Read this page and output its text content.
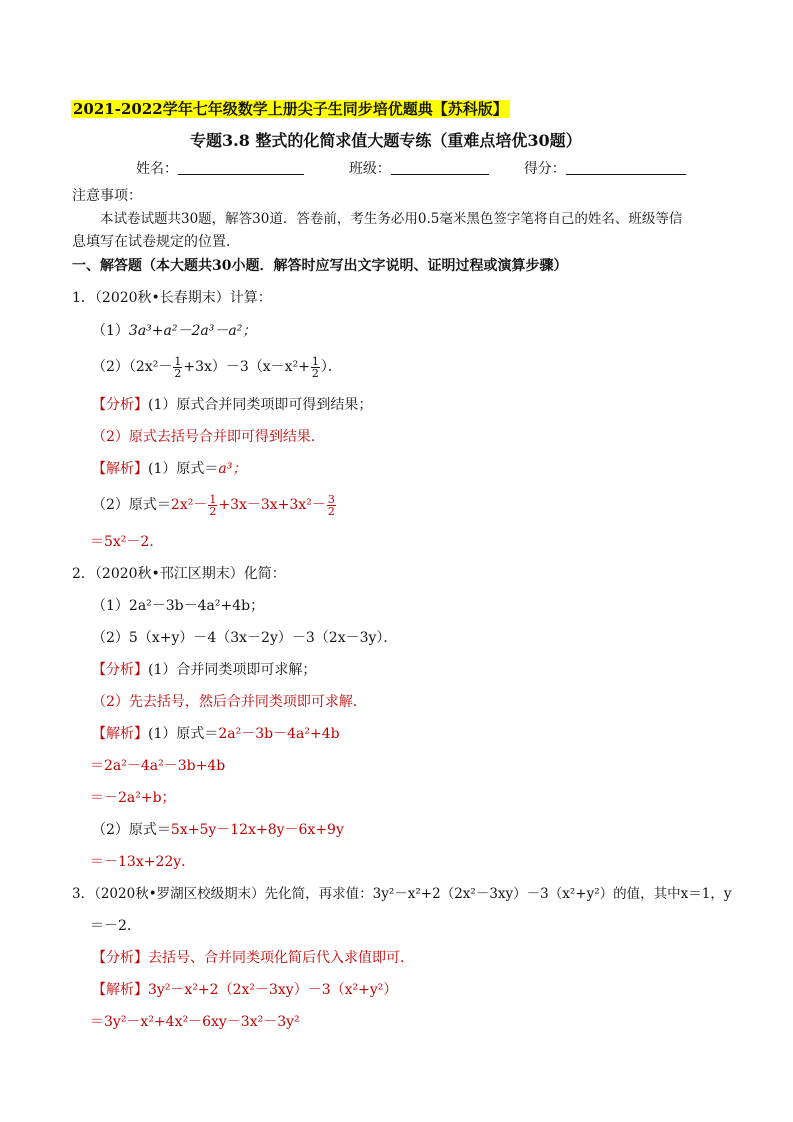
2021-2022学年七年级数学上册尖子生同步培优题典【苏科版】
专题3.8 整式的化简求值大题专练（重难点培优30题）
姓名：	班级：	得分：
注意事项：
本试卷试题共30题，解答30道．答卷前，考生务必用0.5毫米黑色签字笔将自己的姓名、班级等信
息填写在试卷规定的位置．
一、解答题（本大题共30小题．解答时应写出文字说明、证明过程或演算步骤）
1．（2020秋•长春期末）计算：
（1）3a³+a²－2a³－a²；
$(2)(2x^2- \frac{1}{2} +3x)-3(x-x^2+ \frac{1}{2}$ ）．
【分析】(1）原式合并同类项即可得到结果；
（2）原式去括号合并即可得到结果．
【解析】(1）原式＝a³；
（2）原式$=2x^2- \frac{1}{2} +3x-3x+3x^2- \frac{3}{2}$
＝5x²－2．
2．（2020秋•邗江区期末）化简：
（1）2a²－3b－4a²+4b；
（2）5（x+y）－4（3x－2y）－3（2x－3y）．
【分析】(1）合并同类项即可求解；
（2）先去括号，然后合并同类项即可求解．
【解析】(1）原式＝2a²－3b－4a²+4b
＝2a²－4a²－3b+4b
＝－2a²+b；
（2）原式＝5x+5y－12x+8y－6x+9y
＝－13x+22y．
3．（2020秋•罗湖区校级期末）先化简，再求值：3y²－x²+2（2x²－3xy）－3（x²+y²）的值，其中x＝1，y
＝－2．
【分析】去括号、合并同类项化简后代入求值即可．
【解析】3y²－x²+2（2x²－3xy）－3（x²+y²）
＝3y²－x²+4x²－6xy－3x²－3y²
